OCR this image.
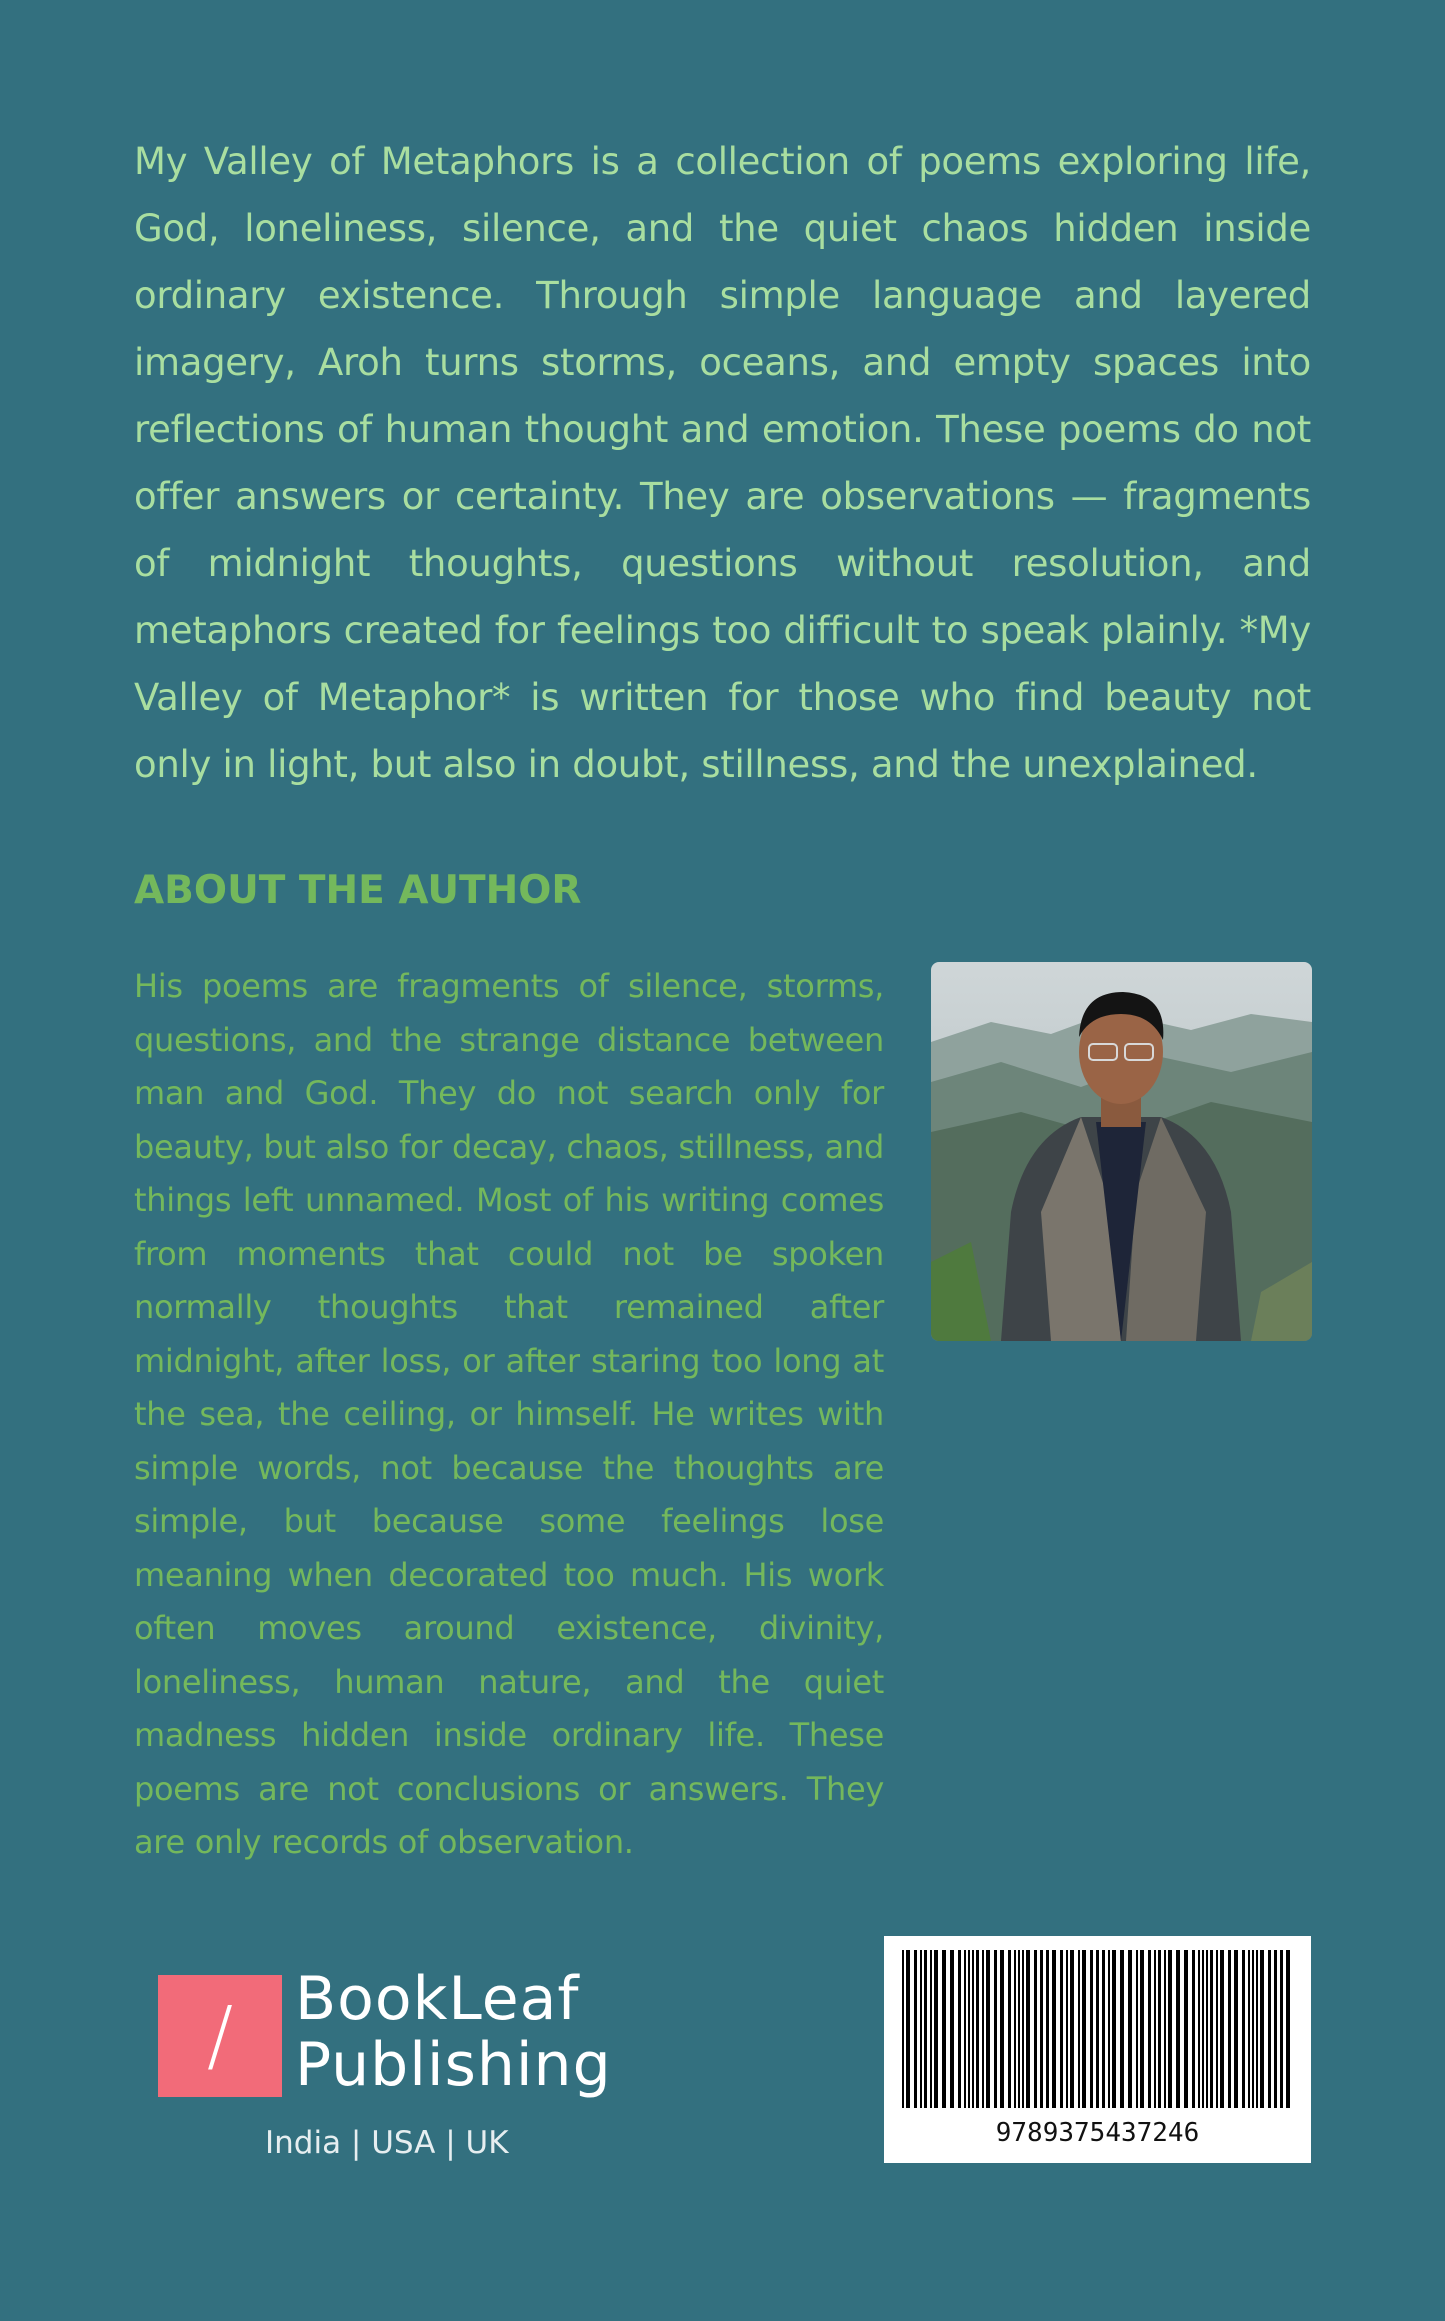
My Valley of Metaphors is a collection of poems exploring life, God, loneliness, silence, and the quiet chaos hidden inside ordinary existence. Through simple language and layered imagery, Aroh turns storms, oceans, and empty spaces into reflections of human thought and emotion. These poems do not offer answers or certainty. They are observations — fragments of midnight thoughts, questions without resolution, and metaphors created for feelings too difficult to speak plainly. *My Valley of Metaphor* is written for those who find beauty not only in light, but also in doubt, stillness, and the unexplained.

ABOUT THE AUTHOR

His poems are fragments of silence, storms, questions, and the strange distance between man and God. They do not search only for beauty, but also for decay, chaos, stillness, and things left unnamed. Most of his writing comes from moments that could not be spoken normally thoughts that remained after midnight, after loss, or after staring too long at the sea, the ceiling, or himself. He writes with simple words, not because the thoughts are simple, but because some feelings lose meaning when decorated too much. His work often moves around existence, divinity, loneliness, human nature, and the quiet madness hidden inside ordinary life. These poems are not conclusions or answers. They are only records of observation.

/	BookLeaf
Publishing
India | USA | UK	9789375437246
